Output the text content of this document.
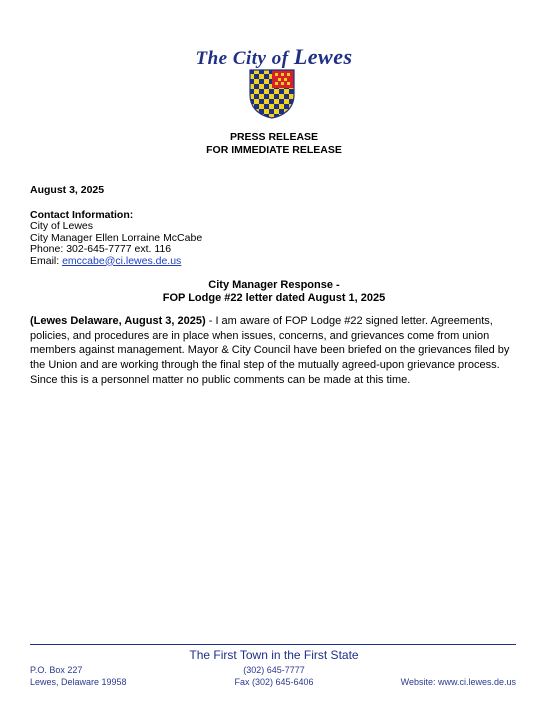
The City of Lewes
PRESS RELEASE
FOR IMMEDIATE RELEASE
August 3, 2025
Contact Information:
City of Lewes
City Manager Ellen Lorraine McCabe
Phone: 302-645-7777 ext. 116
Email: emccabe@ci.lewes.de.us
City Manager Response -
FOP Lodge #22 letter dated August 1, 2025
(Lewes Delaware, August 3, 2025) - I am aware of FOP Lodge #22 signed letter. Agreements, policies, and procedures are in place when issues, concerns, and grievances come from union members against management. Mayor & City Council have been briefed on the grievances filed by the Union and are working through the final step of the mutually agreed-upon grievance process. Since this is a personnel matter no public comments can be made at this time.
The First Town in the First State
P.O. Box 227
Lewes, Delaware 19958
(302) 645-7777
Fax (302) 645-6406	Website: www.ci.lewes.de.us
